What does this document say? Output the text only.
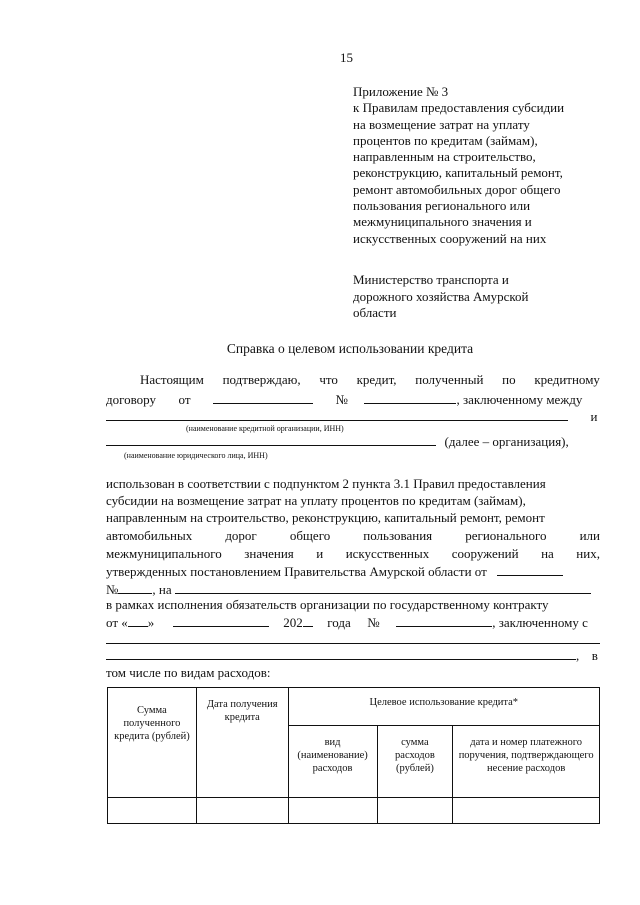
15
Приложение № 3
к Правилам предоставления субсидии
на возмещение затрат на уплату
процентов по кредитам (займам),
направленным на строительство,
реконструкцию, капитальный ремонт,
ремонт автомобильных дорог общего
пользования регионального или
межмуниципального значения и
искусственных сооружений на них
Министерство транспорта и
дорожного хозяйства Амурской
области
Справка о целевом использовании кредита
Настоящим подтверждаю, что кредит, полученный по кредитному
договору от	№	, заключенному между
и
(наименование кредитной организации, ИНН)
(далее – организация),
(наименование юридического лица, ИНН)
использован в соответствии с подпунктом 2 пункта 3.1 Правил предоставления
субсидии на возмещение затрат на уплату процентов по кредитам (займам),
направленным на строительство, реконструкцию, капитальный ремонт, ремонт
автомобильных	дорог	общего	пользования	регионального	или
межмуниципального значения и искусственных сооружений на них,
утвержденных постановлением Правительства Амурской области от
№	, на
в рамках исполнения обязательств организации по государственному контракту
от « »	202 года №	, заключенному с
, в
том числе по видам расходов:
Сумма полученного кредита (рублей)	Дата получения кредита	Целевое использование кредита*		
		вид (наименование) расходов	сумма расходов (рублей)	дата и номер платежного поручения, подтверждающего несение расходов
